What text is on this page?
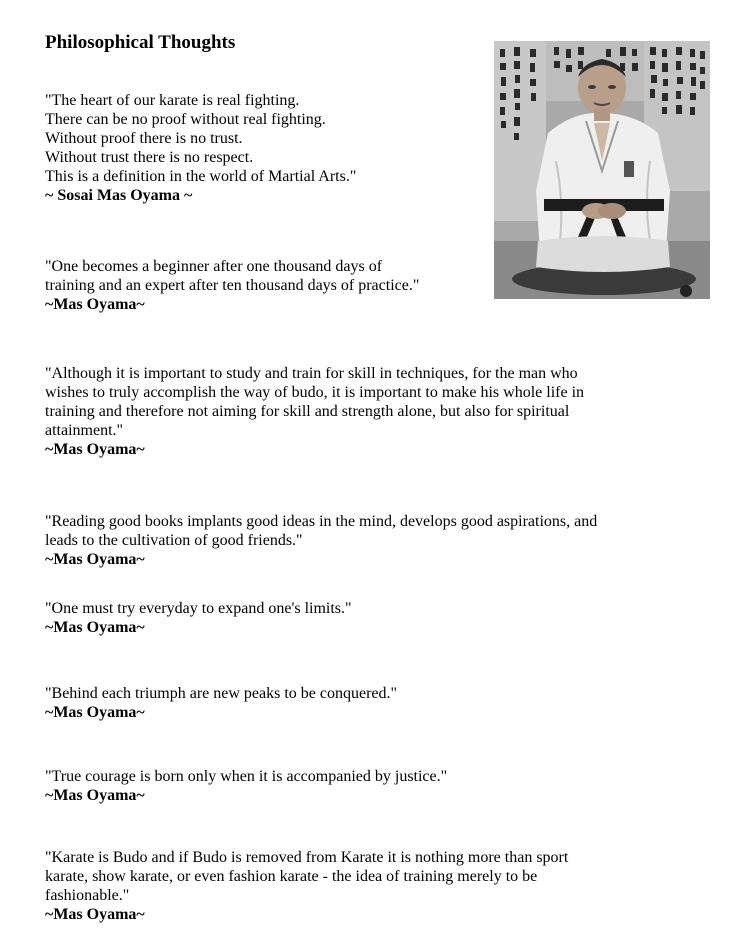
Philosophical Thoughts
"The heart of our karate is real fighting.
There can be no proof without real fighting.
Without proof there is no trust.
Without trust there is no respect.
This is a definition in the world of Martial Arts."
~ Sosai Mas Oyama ~
"One becomes a beginner after one thousand days of
training and an expert after ten thousand days of practice."
~Mas Oyama~
"Although it is important to study and train for skill in techniques, for the man who
wishes to truly accomplish the way of budo, it is important to make his whole life in
training and therefore not aiming for skill and strength alone, but also for spiritual
attainment."
~Mas Oyama~
"Reading good books implants good ideas in the mind, develops good aspirations, and
leads to the cultivation of good friends."
~Mas Oyama~
"One must try everyday to expand one's limits."
~Mas Oyama~
"Behind each triumph are new peaks to be conquered."
~Mas Oyama~
"True courage is born only when it is accompanied by justice."
~Mas Oyama~
"Karate is Budo and if Budo is removed from Karate it is nothing more than sport
karate, show karate, or even fashion karate - the idea of training merely to be
fashionable."
~Mas Oyama~
